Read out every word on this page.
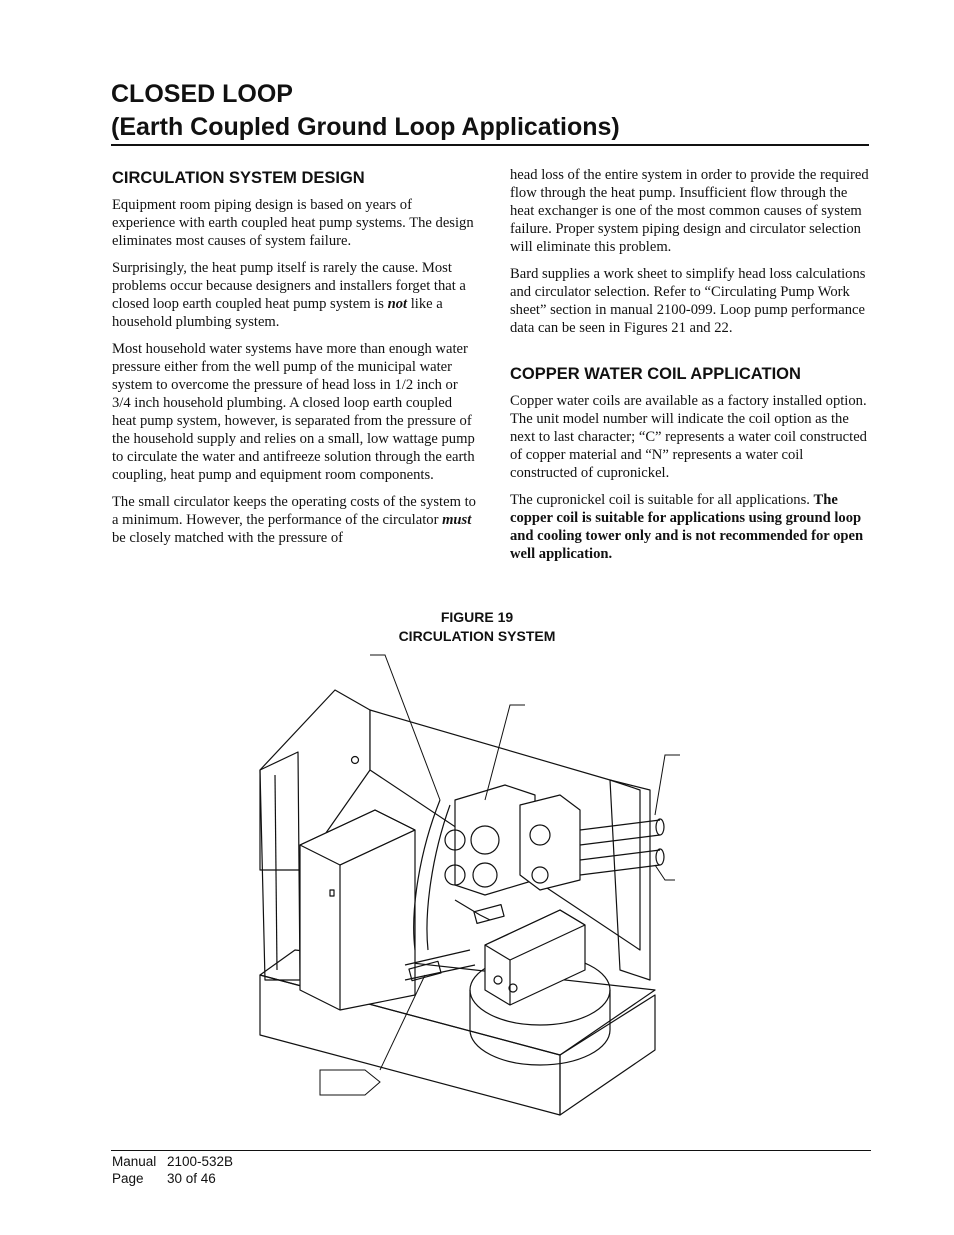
CLOSED LOOP
(Earth Coupled Ground Loop Applications)
CIRCULATION SYSTEM DESIGN

Equipment room piping design is based on years of experience with earth coupled heat pump systems. The design eliminates most causes of system failure.

Surprisingly, the heat pump itself is rarely the cause. Most problems occur because designers and installers forget that a closed loop earth coupled heat pump system is not like a household plumbing system.

Most household water systems have more than enough water pressure either from the well pump of the municipal water system to overcome the pressure of head loss in 1/2 inch or 3/4 inch household plumbing. A closed loop earth coupled heat pump system, however, is separated from the pressure of the household supply and relies on a small, low wattage pump to circulate the water and antifreeze solution through the earth coupling, heat pump and equipment room components.

The small circulator keeps the operating costs of the system to a minimum. However, the performance of the circulator must be closely matched with the pressure of

head loss of the entire system in order to provide the required flow through the heat pump. Insufficient flow through the heat exchanger is one of the most common causes of system failure. Proper system piping design and circulator selection will eliminate this problem.

Bard supplies a work sheet to simplify head loss calculations and circulator selection. Refer to “Circulating Pump Work sheet” section in manual 2100-099. Loop pump performance data can be seen in Figures 21 and 22.

COPPER WATER COIL APPLICATION

Copper water coils are available as a factory installed option. The unit model number will indicate the coil option as the next to last character; “C” represents a water coil constructed of copper material and “N” represents a water coil constructed of cupronickel.

The cupronickel coil is suitable for all applications. The copper coil is suitable for applications using ground loop and cooling tower only and is not recommended for open well application.

FIGURE 19
CIRCULATION SYSTEM
Manual 2100-532B
Page 30 of 46
